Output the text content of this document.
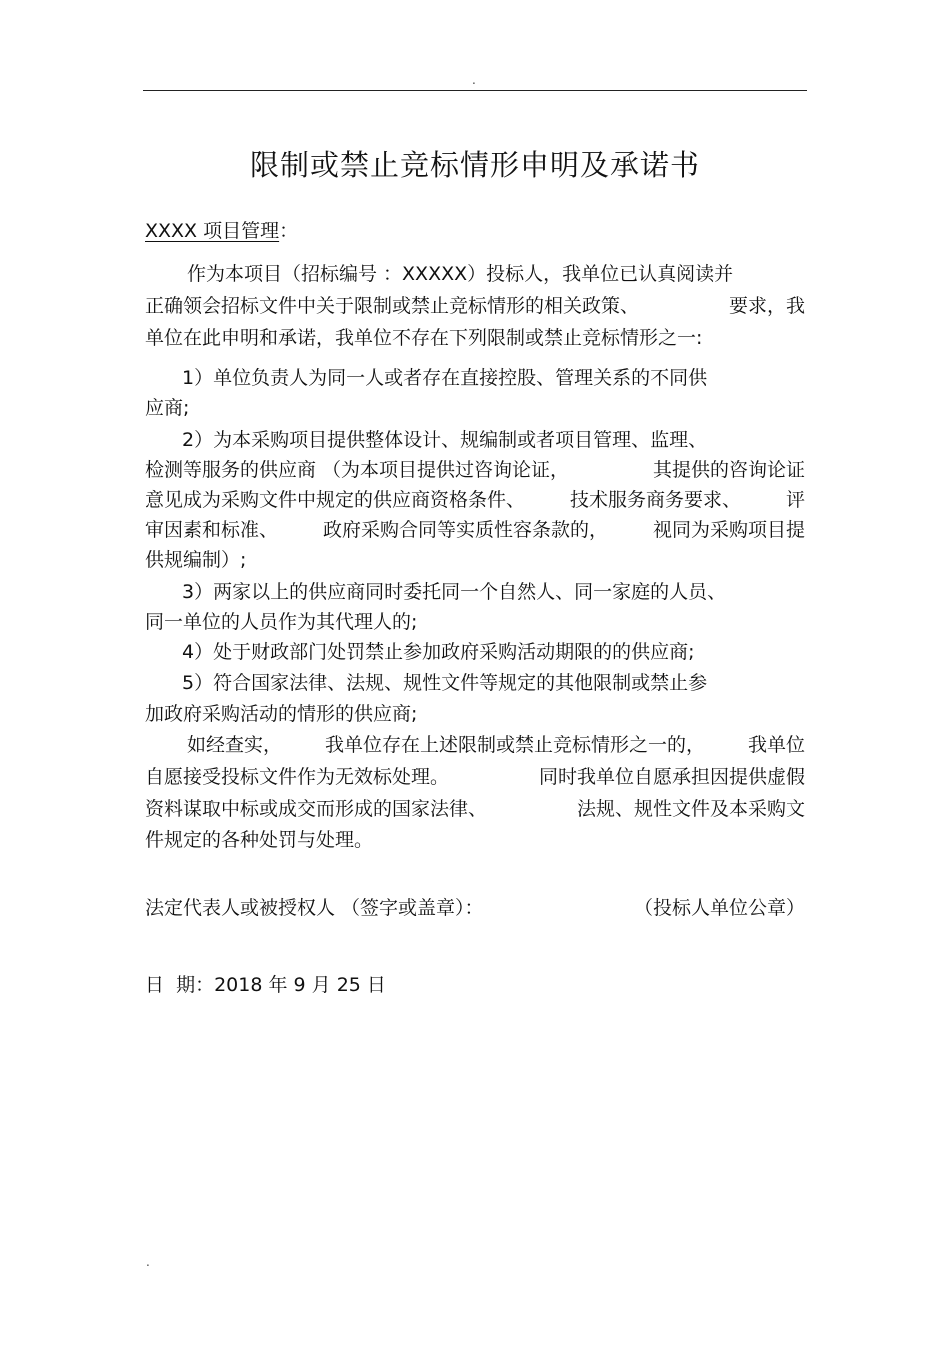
.
限制或禁止竞标情形申明及承诺书
XXXX 项目管理：
作为本项目（招标编号 ：XXXXX）投标人，我单位已认真阅读并
正确领会招标文件中关于限制或禁止竞标情形的相关政策、	要求，我
单位在此申明和承诺，我单位不存在下列限制或禁止竞标情形之一:
1）单位负责人为同一人或者存在直接控股、管理关系的不同供
应商;
2）为本采购项目提供整体设计、规编制或者项目管理、监理、
检测等服务的供应商 （为本项目提供过咨询论证，	其提供的咨询论证
意见成为采购文件中规定的供应商资格条件、 技术服务商务要求、 评
审因素和标准、 政府采购合同等实质性容条款的， 视同为采购项目提
供规编制）;
3）两家以上的供应商同时委托同一个自然人、同一家庭的人员、
同一单位的人员作为其代理人的;
4）处于财政部门处罚禁止参加政府采购活动期限的的供应商;
5）符合国家法律、法规、规性文件等规定的其他限制或禁止参
加政府采购活动的情形的供应商;
如经查实， 我单位存在上述限制或禁止竞标情形之一的， 我单位
自愿接受投标文件作为无效标处理。	同时我单位自愿承担因提供虚假
资料谋取中标或成交而形成的国家法律、	法规、规性文件及本采购文
件规定的各种处罚与处理。
法定代表人或被授权人 （签字或盖章）：	（投标人单位公章）
日  期：2018 年 9 月 25 日
.
